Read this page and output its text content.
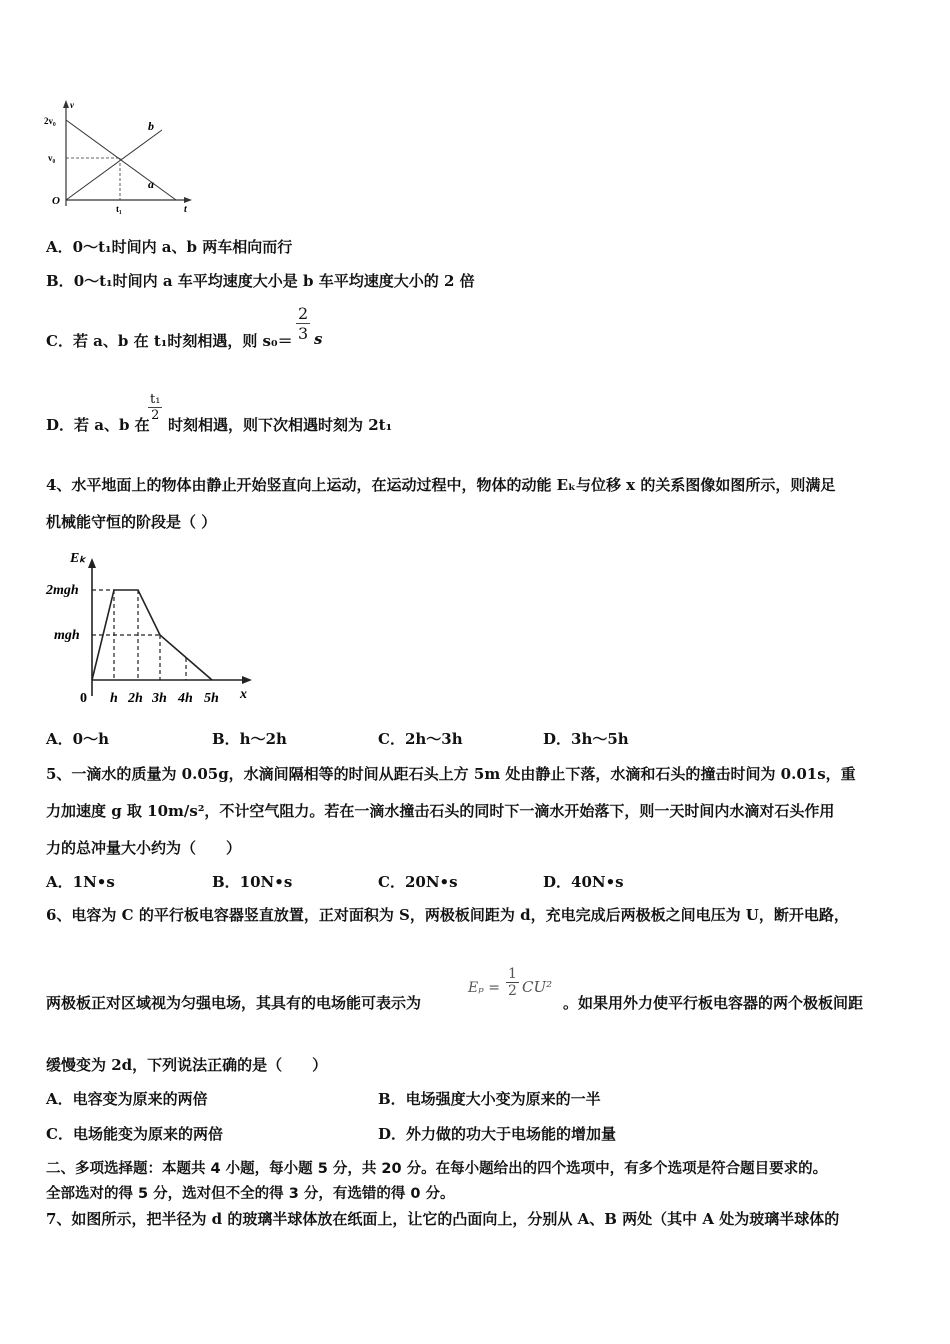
v
2v₀
v₀
O
t₁	t
b
a
A．0～t₁时间内 a、b 两车相向而行
B．0～t₁时间内 a 车平均速度大小是 b 车平均速度大小的 2 倍
C．若 a、b 在 t₁时刻相遇，则 $s_0= \frac{2}{3}$ s
D．若 a、b 在
$\frac{\text{t₁}}{2}$
时刻相遇，则下次相遇时刻为 2t₁
4、水平地面上的物体由静止开始竖直向上运动，在运动过程中，物体的动能 Eₖ与位移 x 的关系图像如图所示，则满足
机械能守恒的阶段是（ ）
Eₖ
2mgh
mgh
0 h 2h 3h 4h 5h x
A．0～h	B．h～2h	C．2h～3h	D．3h～5h
5、一滴水的质量为 0.05g，水滴间隔相等的时间从距石头上方 5m 处由静止下落，水滴和石头的撞击时间为 0.01s，重
力加速度 g 取 10m/s²，不计空气阻力。若在一滴水撞击石头的同时下一滴水开始落下，则一天时间内水滴对石头作用
力的总冲量大小约为（　　）
A．1N•s	B．10N•s	C．20N•s	D．40N•s
6、电容为 C 的平行板电容器竖直放置，正对面积为 S，两极板间距为 d，充电完成后两极板之间电压为 U，断开电路，
两极板正对区域视为匀强电场，其具有的电场能可表示为
$E_p = \frac{1}{2} CU^2$
。如果用外力使平行板电容器的两个极板间距
缓慢变为 2d，下列说法正确的是（　　）
A．电容变为原来的两倍	B．电场强度大小变为原来的一半
C．电场能变为原来的两倍	D．外力做的功大于电场能的增加量
二、多项选择题：本题共 4 小题，每小题 5 分，共 20 分。在每小题给出的四个选项中，有多个选项是符合题目要求的。
全部选对的得 5 分，选对但不全的得 3 分，有选错的得 0 分。
7、如图所示，把半径为 d 的玻璃半球体放在纸面上，让它的凸面向上，分别从 A、B 两处（其中 A 处为玻璃半球体的
